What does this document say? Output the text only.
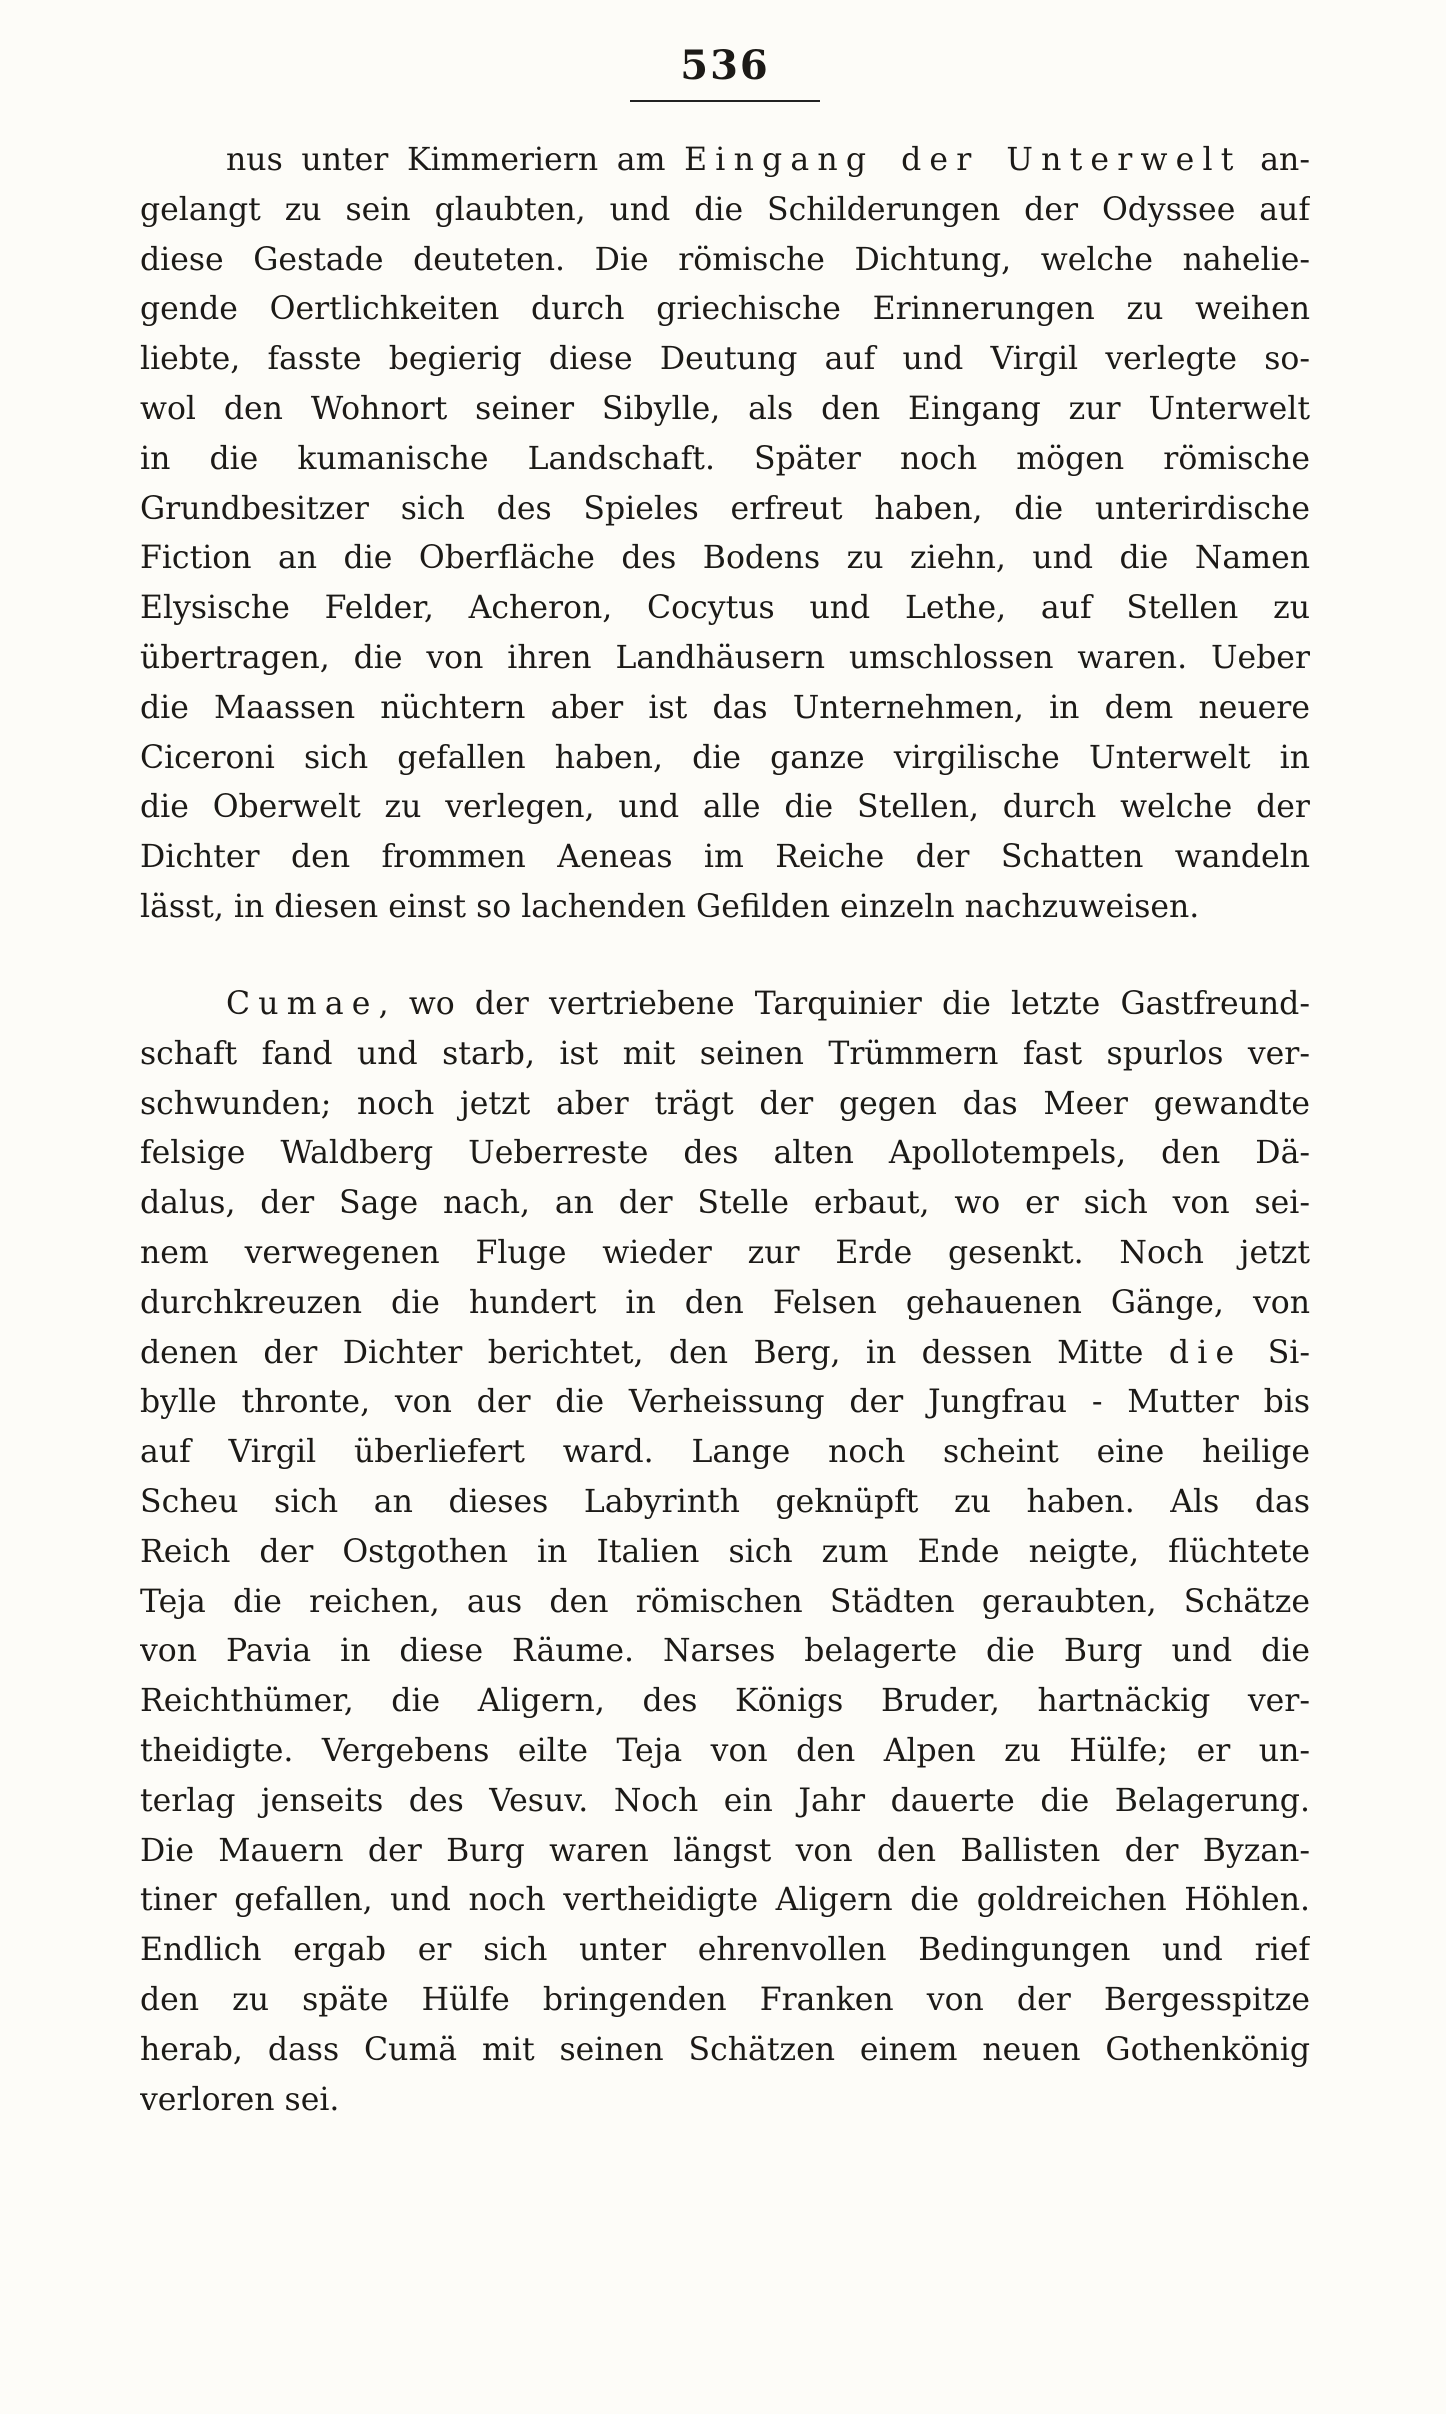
536
nus unter Kimmeriern am Eingang der Unterwelt an-
gelangt zu sein glaubten, und die Schilderungen der Odyssee auf
diese Gestade deuteten. Die römische Dichtung, welche nahelie-
gende Oertlichkeiten durch griechische Erinnerungen zu weihen
liebte, fasste begierig diese Deutung auf und Virgil verlegte so-
wol den Wohnort seiner Sibylle, als den Eingang zur Unterwelt
in die kumanische Landschaft. Später noch mögen römische
Grundbesitzer sich des Spieles erfreut haben, die unterirdische
Fiction an die Oberfläche des Bodens zu ziehn, und die Namen
Elysische Felder, Acheron, Cocytus und Lethe, auf Stellen zu
übertragen, die von ihren Landhäusern umschlossen waren. Ueber
die Maassen nüchtern aber ist das Unternehmen, in dem neuere
Ciceroni sich gefallen haben, die ganze virgilische Unterwelt in
die Oberwelt zu verlegen, und alle die Stellen, durch welche der
Dichter den frommen Aeneas im Reiche der Schatten wandeln
lässt, in diesen einst so lachenden Gefilden einzeln nachzuweisen.
Cumae, wo der vertriebene Tarquinier die letzte Gastfreund-
schaft fand und starb, ist mit seinen Trümmern fast spurlos ver-
schwunden; noch jetzt aber trägt der gegen das Meer gewandte
felsige Waldberg Ueberreste des alten Apollotempels, den Dä-
dalus, der Sage nach, an der Stelle erbaut, wo er sich von sei-
nem verwegenen Fluge wieder zur Erde gesenkt. Noch jetzt
durchkreuzen die hundert in den Felsen gehauenen Gänge, von
denen der Dichter berichtet, den Berg, in dessen Mitte die Si-
bylle thronte, von der die Verheissung der Jungfrau - Mutter bis
auf Virgil überliefert ward. Lange noch scheint eine heilige
Scheu sich an dieses Labyrinth geknüpft zu haben. Als das
Reich der Ostgothen in Italien sich zum Ende neigte, flüchtete
Teja die reichen, aus den römischen Städten geraubten, Schätze
von Pavia in diese Räume. Narses belagerte die Burg und die
Reichthümer, die Aligern, des Königs Bruder, hartnäckig ver-
theidigte. Vergebens eilte Teja von den Alpen zu Hülfe; er un-
terlag jenseits des Vesuv. Noch ein Jahr dauerte die Belagerung.
Die Mauern der Burg waren längst von den Ballisten der Byzan-
tiner gefallen, und noch vertheidigte Aligern die goldreichen Höhlen.
Endlich ergab er sich unter ehrenvollen Bedingungen und rief
den zu späte Hülfe bringenden Franken von der Bergesspitze
herab, dass Cumä mit seinen Schätzen einem neuen Gothenkönig
verloren sei.
